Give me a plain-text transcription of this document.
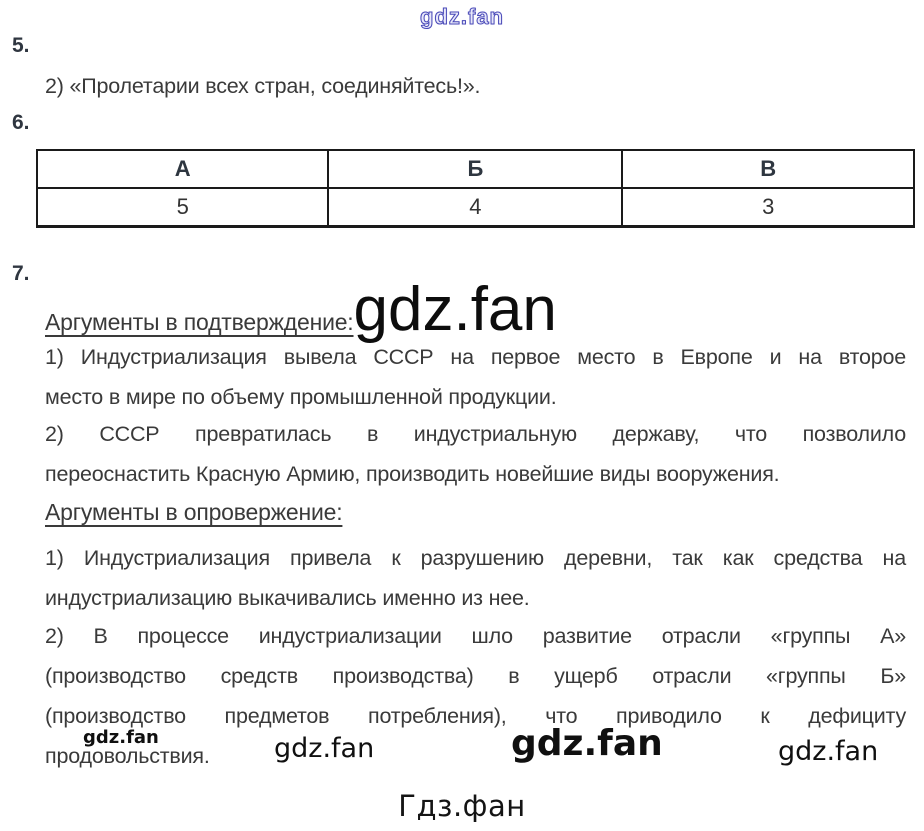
gdz.fan
5.
2) «Пролетарии всех стран, соединяйтесь!».
6.
А	Б	В
5	4	3
7.
Аргументы в подтверждение: gdz.fan
1) Индустриализация вывела СССР на первое место в Европе и на второе
место в мире по объему промышленной продукции.
2) СССР превратилась в индустриальную державу, что позволило
переоснастить Красную Армию, производить новейшие виды вооружения.
Аргументы в опровержение:
1) Индустриализация привела к разрушению деревни, так как средства на
индустриализацию выкачивались именно из нее.
2) В процессе индустриализации шло развитие отрасли «группы А»
(производство средств производства) в ущерб отрасли «группы Б»
(производство предметов потребления), что приводило к дефициту
продовольствия.
gdz.fan	gdz.fan	gdz.fan	gdz.fan
Гдз.фан
